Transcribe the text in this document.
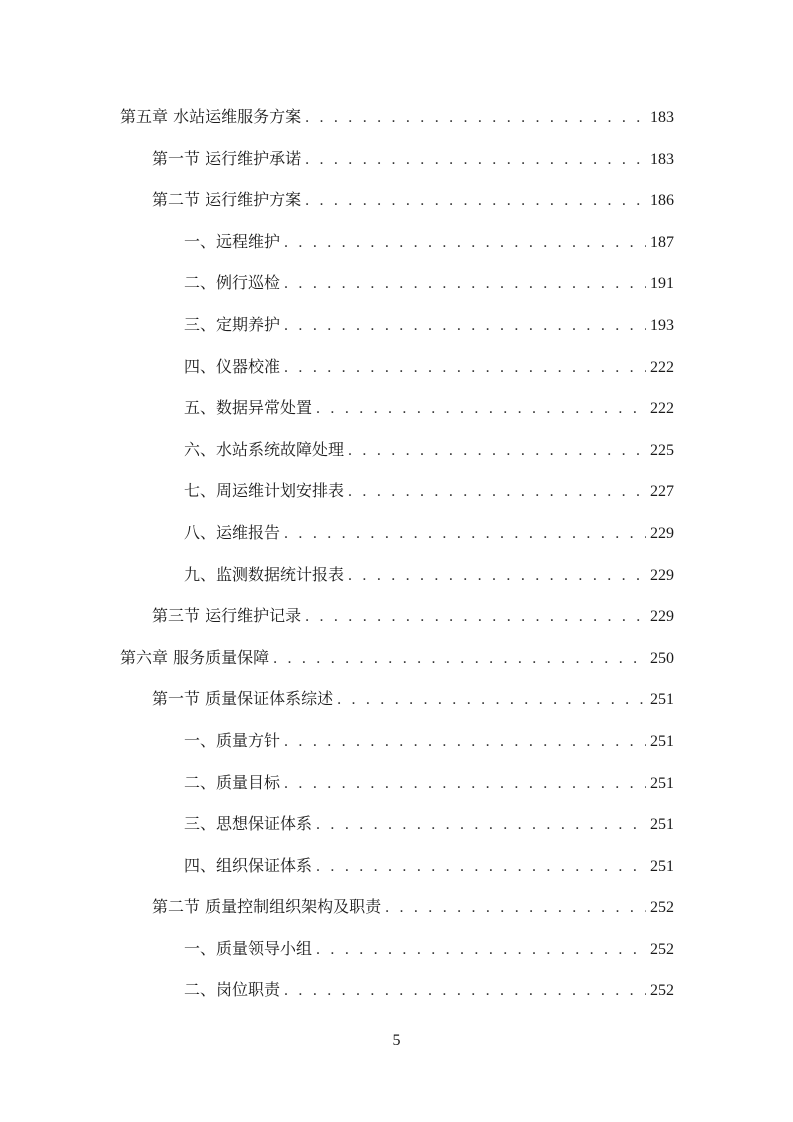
第五章 水站运维服务方案 . . .	183
第一节 运行维护承诺 . . .	183
第二节 运行维护方案 . . .	186
一、远程维护 . . .	187
二、例行巡检 . . .	191
三、定期养护 . . .	193
四、仪器校准 . . .	222
五、数据异常处置 . . .	222
六、水站系统故障处理 . . .	225
七、周运维计划安排表 . . .	227
八、运维报告 . . .	229
九、监测数据统计报表 . . .	229
第三节 运行维护记录 . . .	229
第六章 服务质量保障 . . .	250
第一节 质量保证体系综述 . . .	251
一、质量方针 . . .	251
二、质量目标 . . .	251
三、思想保证体系 . . .	251
四、组织保证体系 . . .	251
第二节 质量控制组织架构及职责 . . .	252
一、质量领导小组 . . .	252
二、岗位职责 . . .	252
5
